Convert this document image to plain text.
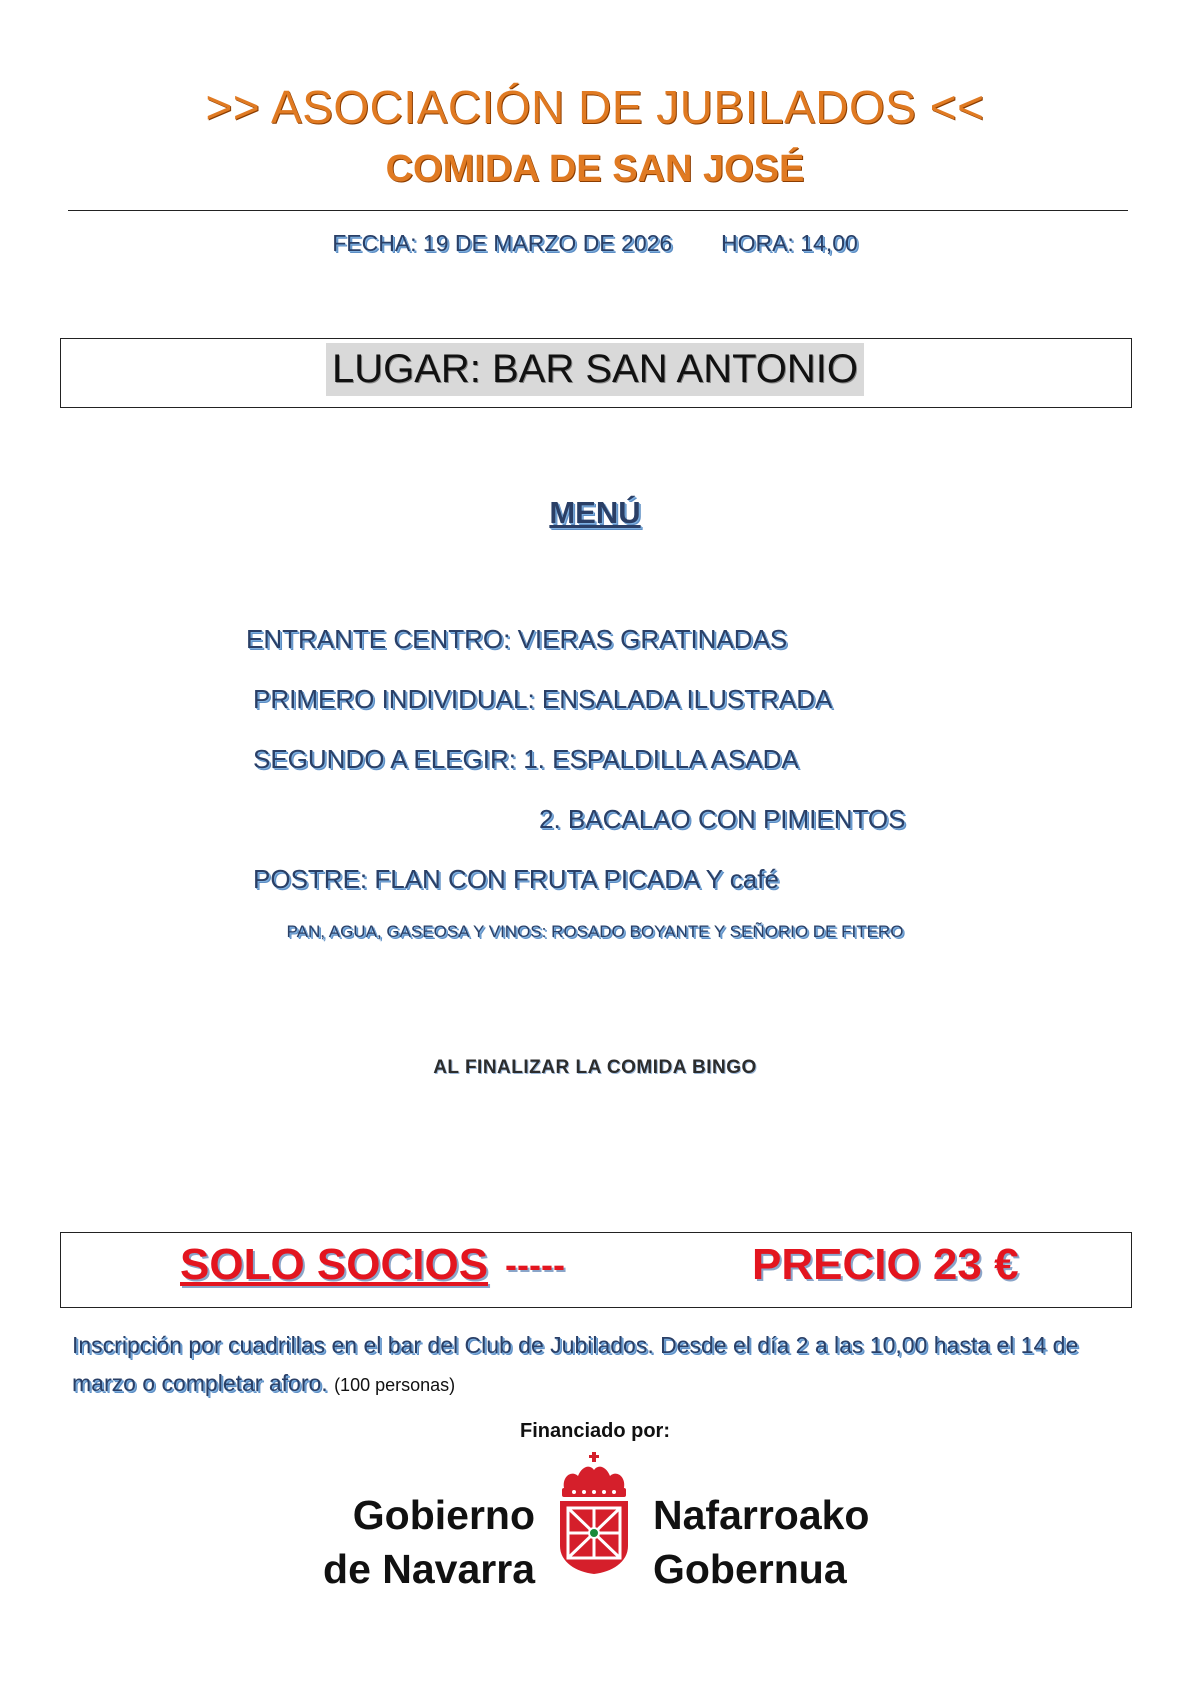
>> ASOCIACIÓN DE JUBILADOS <<
COMIDA DE SAN JOSÉ
FECHA: 19 DE MARZO DE 2026 HORA: 14,00
LUGAR: BAR SAN ANTONIO
MENÚ
ENTRANTE CENTRO: VIERAS GRATINADAS
PRIMERO INDIVIDUAL: ENSALADA ILUSTRADA
SEGUNDO A ELEGIR: 1. ESPALDILLA ASADA
2. BACALAO CON PIMIENTOS
POSTRE: FLAN CON FRUTA PICADA Y café
PAN, AGUA, GASEOSA Y VINOS: ROSADO BOYANTE Y SEÑORIO DE FITERO
AL FINALIZAR LA COMIDA BINGO
SOLO SOCIOS -----	PRECIO 23 €
Inscripción por cuadrillas en el bar del Club de Jubilados. Desde el día 2 a las 10,00 hasta el 14 de marzo o completar aforo. (100 personas)
Financiado por:
Gobierno
de Navarra
Nafarroako
Gobernua
